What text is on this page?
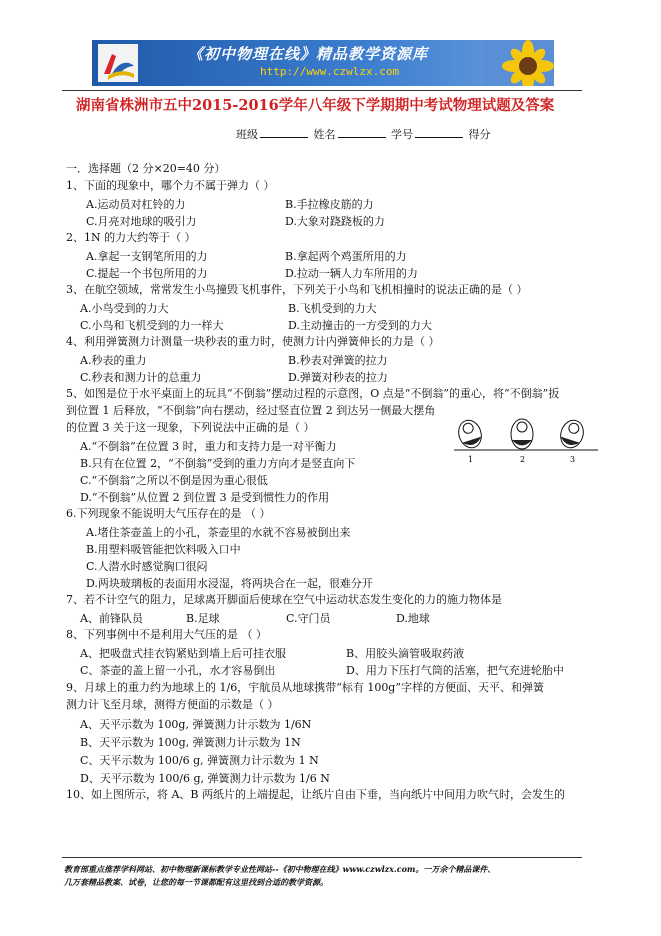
《初中物理在线》精品教学资源库
http://www.czwlzx.com
湖南省株洲市五中2015-2016学年八年级下学期期中考试物理试题及答案
班级	姓名	学号	得分
一．选择题（2 分×20=40 分）
1、下面的现象中，哪个力不属于弹力（ ）
A.运动员对杠铃的力	B.手拉橡皮筋的力
C.月亮对地球的吸引力	D.大象对跷跷板的力
2、1N 的力大约等于（ ）
A.拿起一支钢笔所用的力	B.拿起两个鸡蛋所用的力
C.提起一个书包所用的力	D.拉动一辆人力车所用的力
3、在航空领域，常常发生小鸟撞毁飞机事件，下列关于小鸟和飞机相撞时的说法正确的是（ ）
A.小鸟受到的力大	B.飞机受到的力大
C.小鸟和飞机受到的力一样大	D.主动撞击的一方受到的力大
4、利用弹簧测力计测量一块秒表的重力时，使测力计内弹簧伸长的力是（ ）
A.秒表的重力	B.秒表对弹簧的拉力
C.秒表和测力计的总重力	D.弹簧对秒表的拉力
5、如图是位于水平桌面上的玩具“不倒翁”摆动过程的示意图，O 点是“不倒翁”的重心，将“不倒翁”扳
到位置 1 后释放，“不倒翁”向右摆动，经过竖直位置 2 到达另一侧最大摆角
的位置 3 关于这一现象，下列说法中正确的是（ ）
A.“不倒翁”在位置 3 时，重力和支持力是一对平衡力
B.只有在位置 2，“不倒翁”受到的重力方向才是竖直向下
C.“不倒翁”之所以不倒是因为重心很低
D.“不倒翁”从位置 2 到位置 3 是受到惯性力的作用
1	2	3
6.下列现象不能说明大气压存在的是 （ ）
A.堵住茶壶盖上的小孔，茶壶里的水就不容易被倒出来
B.用塑料吸管能把饮料吸入口中
C.人潜水时感觉胸口很闷
D.两块玻璃板的表面用水浸湿，将两块合在一起，很难分开
7、若不计空气的阻力，足球离开脚面后使球在空气中运动状态发生变化的力的施力物体是
A、前锋队员	B.足球	C.守门员	D.地球
8、下列事例中不是利用大气压的是 （ ）
A、把吸盘式挂衣钩紧贴到墙上后可挂衣服	B、用胶头滴管吸取药液
C、茶壶的盖上留一小孔，水才容易倒出	D、用力下压打气筒的活塞，把气充进轮胎中
9、月球上的重力约为地球上的 1/6，宇航员从地球携带“标有 100g”字样的方便面、天平、和弹簧
测力计飞至月球，测得方便面的示数是（ ）
A、天平示数为 100g, 弹簧测力计示数为 1/6N
B、天平示数为 100g, 弹簧测力计示数为 1N
C、天平示数为 100/6 g, 弹簧测力计示数为 1 N
D、天平示数为 100/6 g, 弹簧测力计示数为 1/6 N
10、如上图所示，将 A、B 两纸片的上端提起，让纸片自由下垂，当向纸片中间用力吹气时，会发生的
教育部重点推荐学科网站、初中物理新课标教学专业性网站--《初中物理在线》www.czwlzx.com。一万余个精品课件、
几万套精品教案、试卷，让您的每一节课都配有这里找到合适的教学资源。
